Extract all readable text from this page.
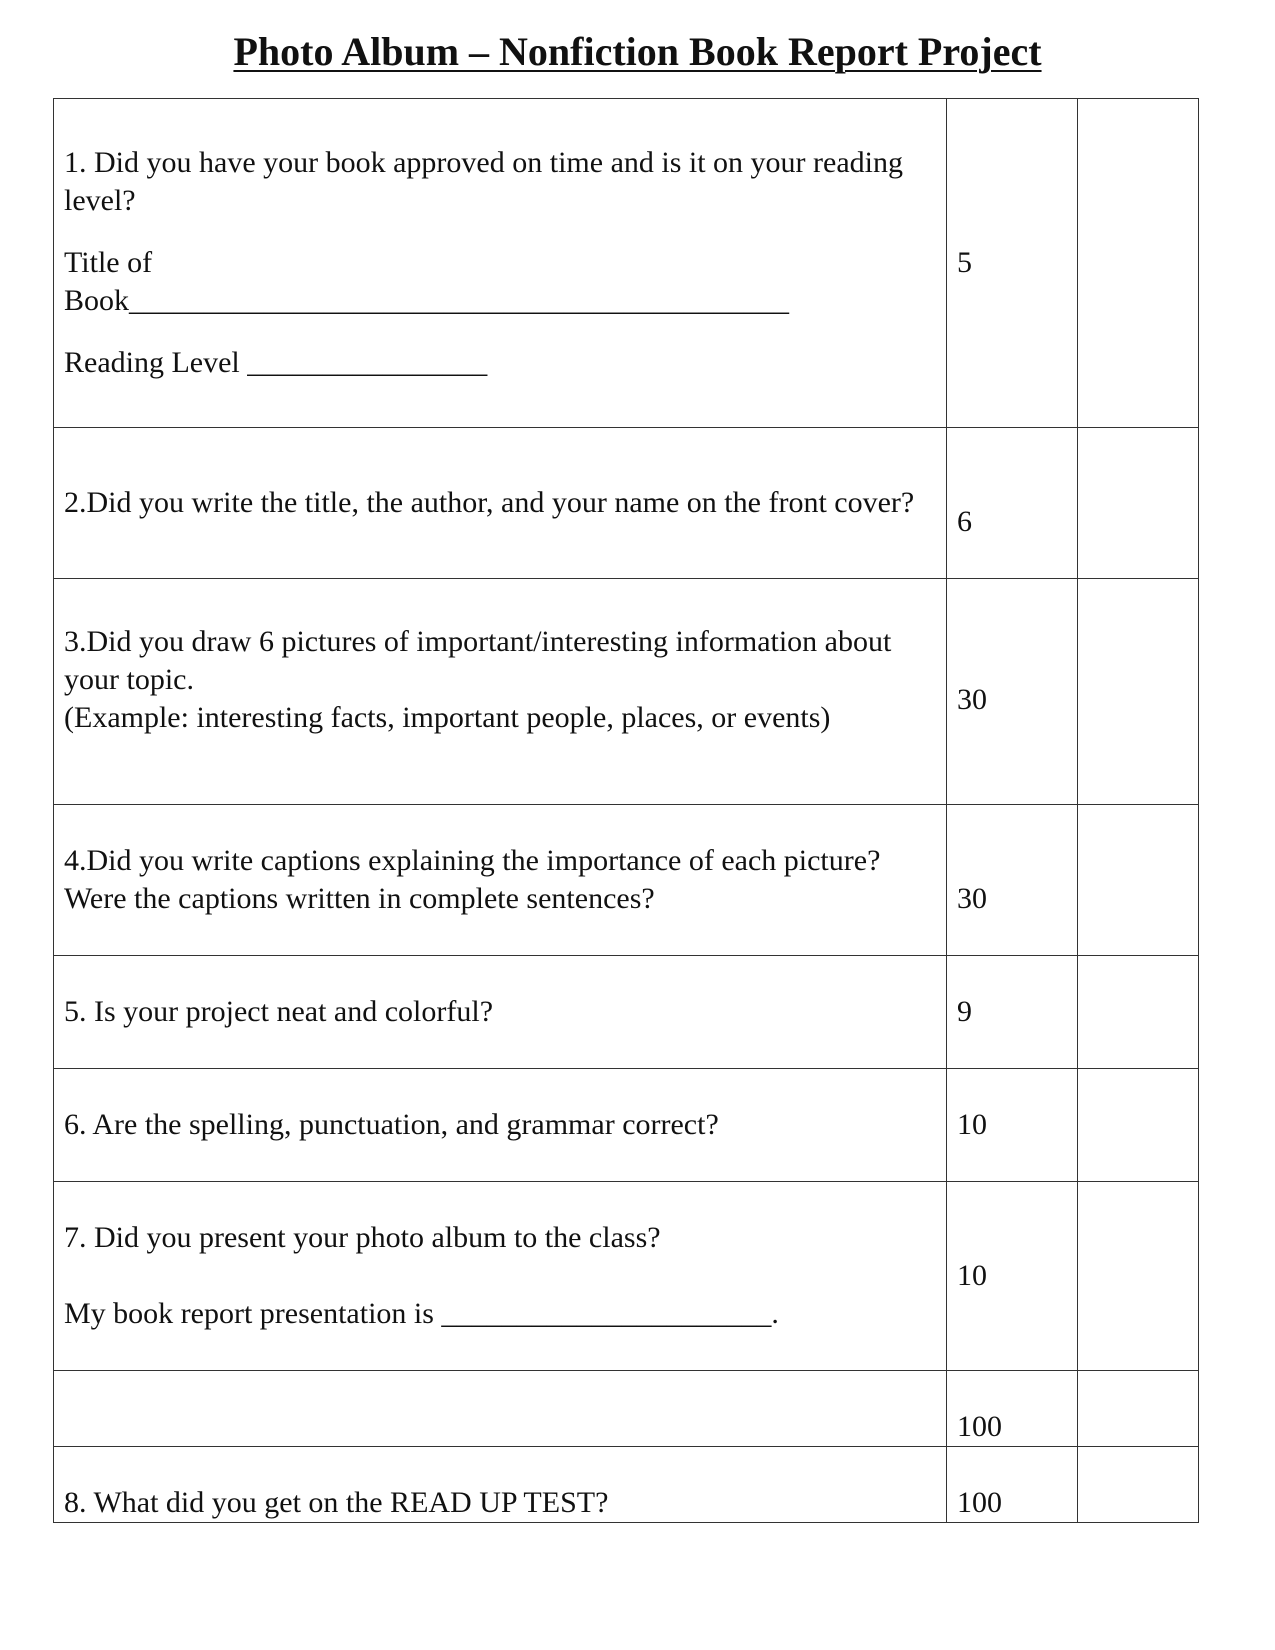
Photo Album – Nonfiction Book Report Project

1. Did you have your book approved on time and is it on your reading level?

Title of

Book____________________________________________

Reading Level ________________	5	

2.Did you write the title, the author, and your name on the front cover?	6	

3.Did you draw 6 pictures of important/interesting information about your topic.

(Example: interesting facts, important people, places, or events)	30	

4.Did you write captions explaining the importance of each picture? Were the captions written in complete sentences?	30	

5. Is your project neat and colorful?	9	

6. Are the spelling, punctuation, and grammar correct?	10	

7. Did you present your photo album to the class?

My book report presentation is ______________________.	10	
	100	

8. What did you get on the READ UP TEST?	100	
